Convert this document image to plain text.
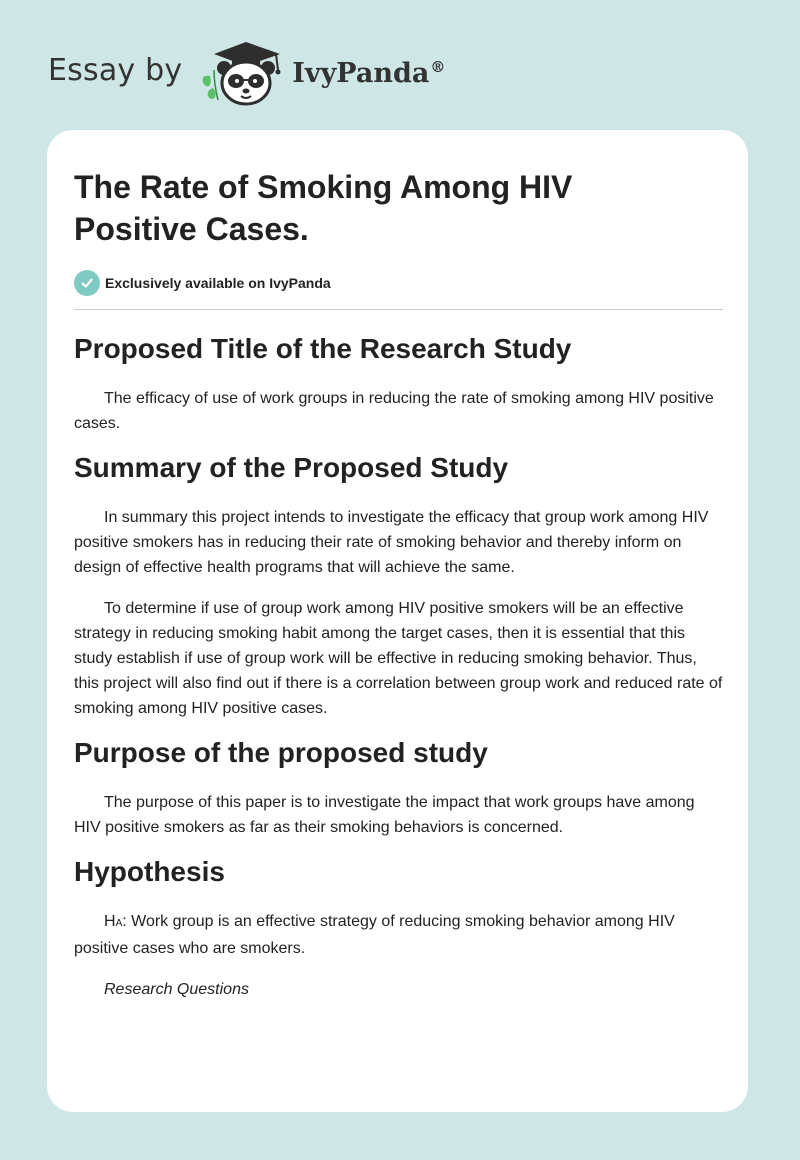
Essay by	IvyPanda®
The Rate of Smoking Among HIV Positive Cases.
Exclusively available on IvyPanda
Proposed Title of the Research Study

The efficacy of use of work groups in reducing the rate of smoking among HIV positive cases.

Summary of the Proposed Study

In summary this project intends to investigate the efficacy that group work among HIV positive smokers has in reducing their rate of smoking behavior and thereby inform on design of effective health programs that will achieve the same.

To determine if use of group work among HIV positive smokers will be an effective strategy in reducing smoking habit among the target cases, then it is essential that this study establish if use of group work will be effective in reducing smoking behavior. Thus, this project will also find out if there is a correlation between group work and reduced rate of smoking among HIV positive cases.

Purpose of the proposed study

The purpose of this paper is to investigate the impact that work groups have among HIV positive smokers as far as their smoking behaviors is concerned.

Hypothesis

HA: Work group is an effective strategy of reducing smoking behavior among HIV positive cases who are smokers.

Research Questions
